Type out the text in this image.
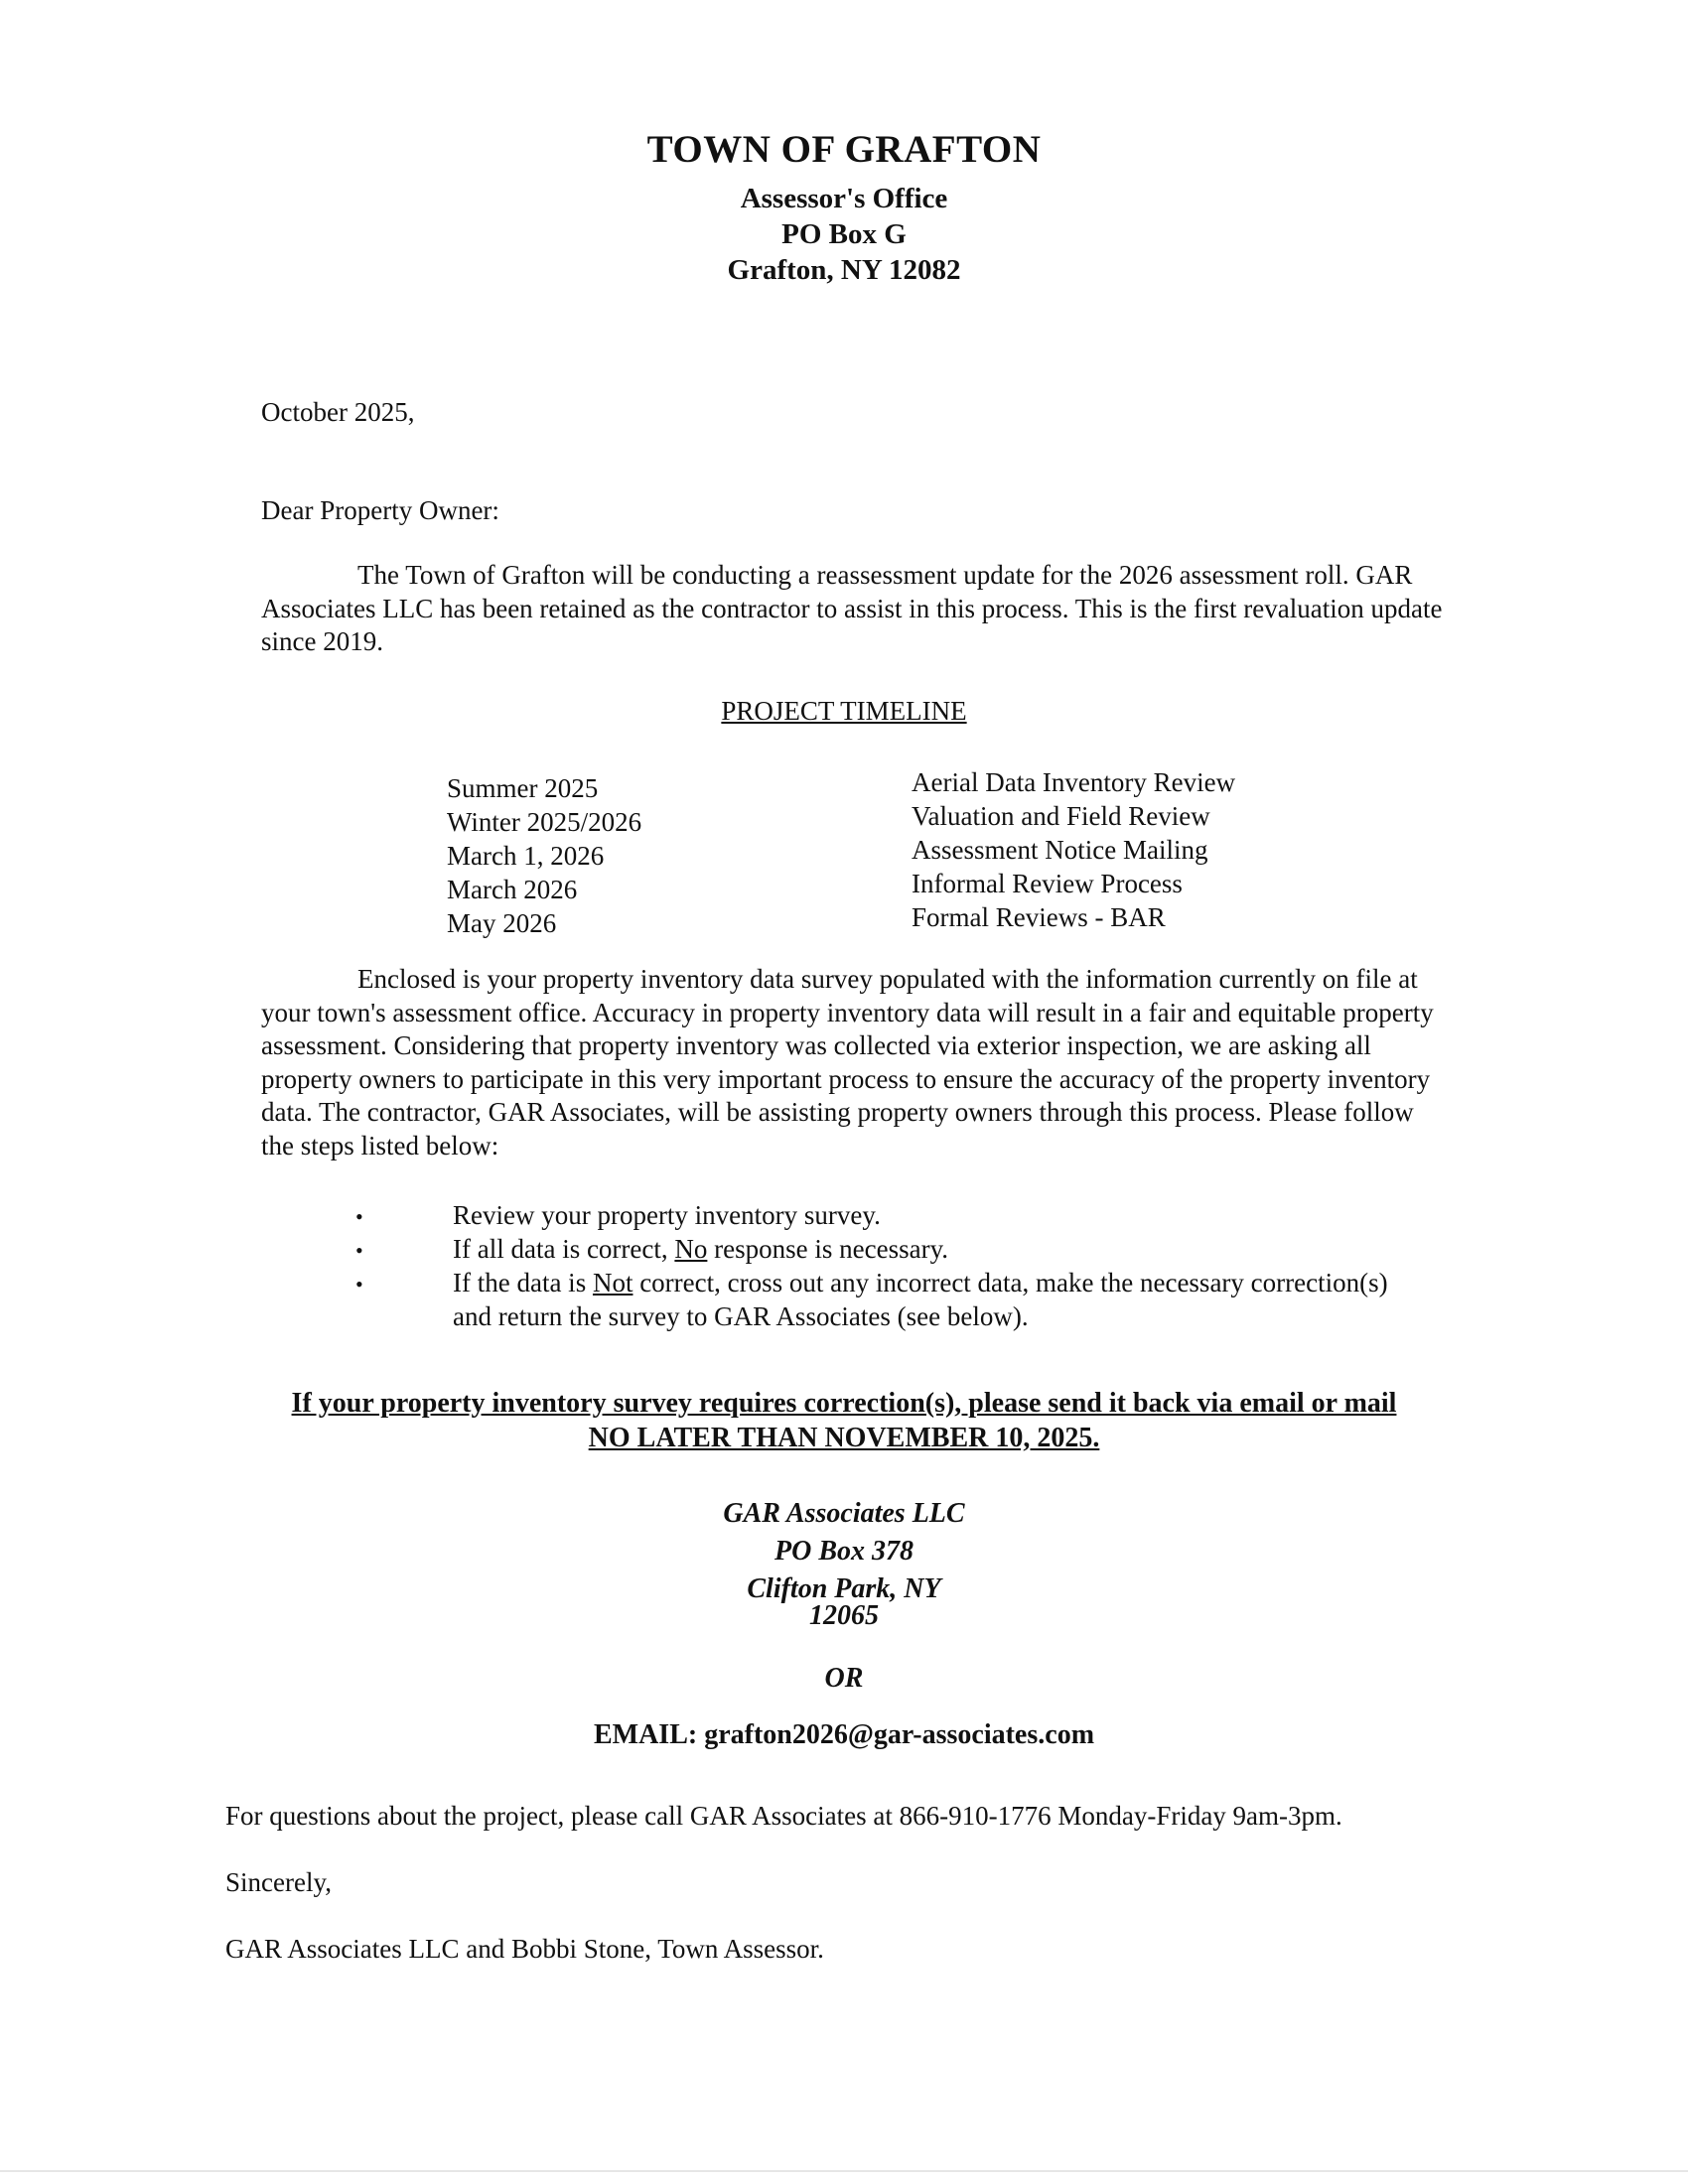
TOWN OF GRAFTON
Assessor's Office
PO Box G
Grafton, NY 12082
October 2025,
Dear Property Owner:

The Town of Grafton will be conducting a reassessment update for the 2026 assessment roll. GAR Associates LLC has been retained as the contractor to assist in this process. This is the first revaluation update since 2019.

PROJECT TIMELINE
Summer 2025	Aerial Data Inventory Review
Winter 2025/2026	Valuation and Field Review
March 1, 2026	Assessment Notice Mailing
March 2026	Informal Review Process
May 2026	Formal Reviews - BAR

Enclosed is your property inventory data survey populated with the information currently on file at your town's assessment office. Accuracy in property inventory data will result in a fair and equitable property assessment. Considering that property inventory was collected via exterior inspection, we are asking all property owners to participate in this very important process to ensure the accuracy of the property inventory data. The contractor, GAR Associates, will be assisting property owners through this process. Please follow the steps listed below:

•	Review your property inventory survey.
•	If all data is correct, No response is necessary.
•	If the data is Not correct, cross out any incorrect data, make the necessary correction(s) and return the survey to GAR Associates (see below).
If your property inventory survey requires correction(s), please send it back via email or mail
NO LATER THAN NOVEMBER 10, 2025.
GAR Associates LLC
PO Box 378
Clifton Park, NY
12065
OR
EMAIL: grafton2026@gar-associates.com
For questions about the project, please call GAR Associates at 866-910-1776 Monday-Friday 9am-3pm.
Sincerely,
GAR Associates LLC and Bobbi Stone, Town Assessor.
